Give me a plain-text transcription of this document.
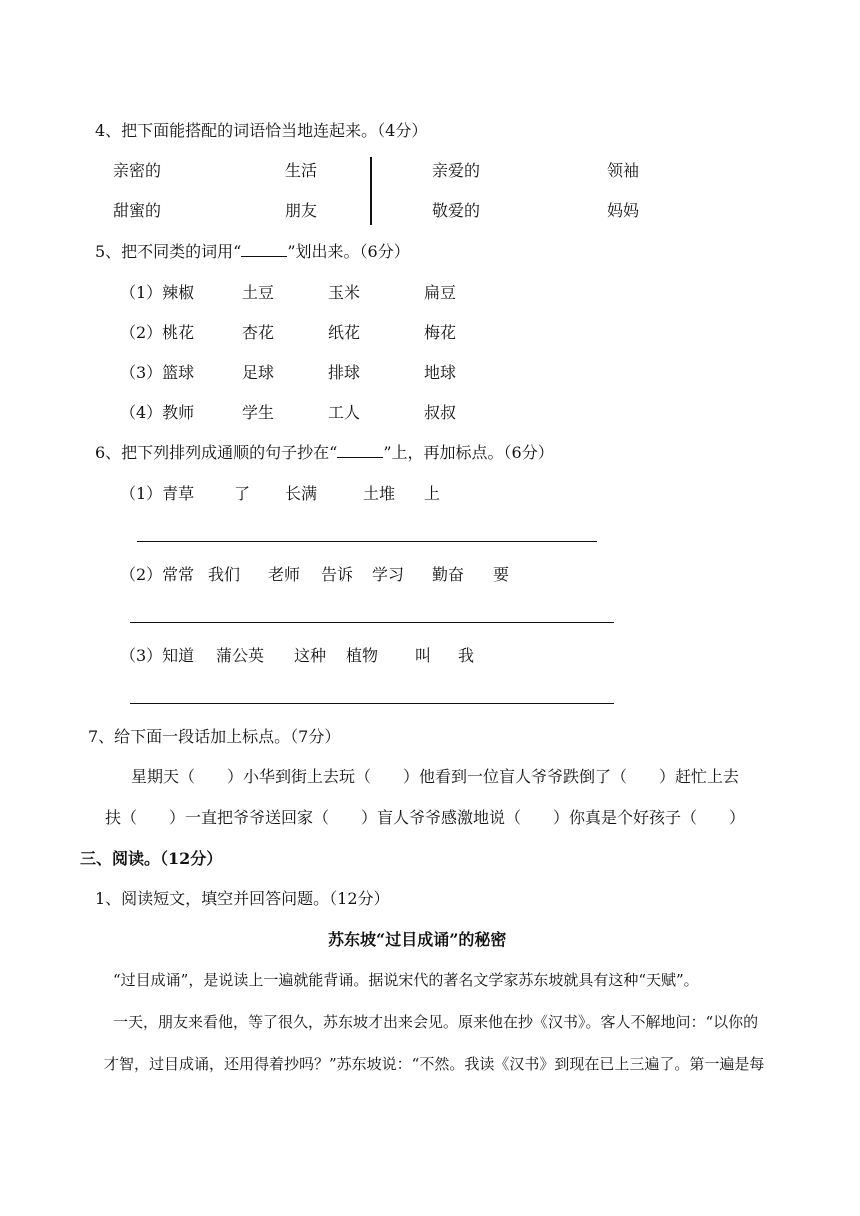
4、把下面能搭配的词语恰当地连起来。（4分）
亲密的	生活	亲爱的	领袖
甜蜜的	朋友	敬爱的	妈妈
5、把不同类的词用“	”划出来。（6分）
（1）辣椒	土豆	玉米	扁豆
（2）桃花	杏花	纸花	梅花
（3）篮球	足球	排球	地球
（4）教师	学生	工人	叔叔
6、把下列排列成通顺的句子抄在“	”上，再加标点。（6分）
（1）青草 了 长满	土堆 上
（2）常常 我们 老师 告诉 学习 勤奋 要
（3）知道 蒲公英 这种 植物 叫 我
7、给下面一段话加上标点。（7分）
星期天（　　）小华到街上去玩（　　）他看到一位盲人爷爷跌倒了（　　）赶忙上去
扶（　　）一直把爷爷送回家（　　）盲人爷爷感激地说（　　）你真是个好孩子（　　）
三、阅读。（12分）
1、阅读短文，填空并回答问题。（12分）
苏东坡“过目成诵”的秘密
“过目成诵”，是说读上一遍就能背诵。据说宋代的著名文学家苏东坡就具有这种“天赋”。
一天，朋友来看他，等了很久，苏东坡才出来会见。原来他在抄《汉书》。客人不解地问：“以你的
才智，过目成诵，还用得着抄吗？”苏东坡说：“不然。我读《汉书》到现在已上三遍了。第一遍是每
